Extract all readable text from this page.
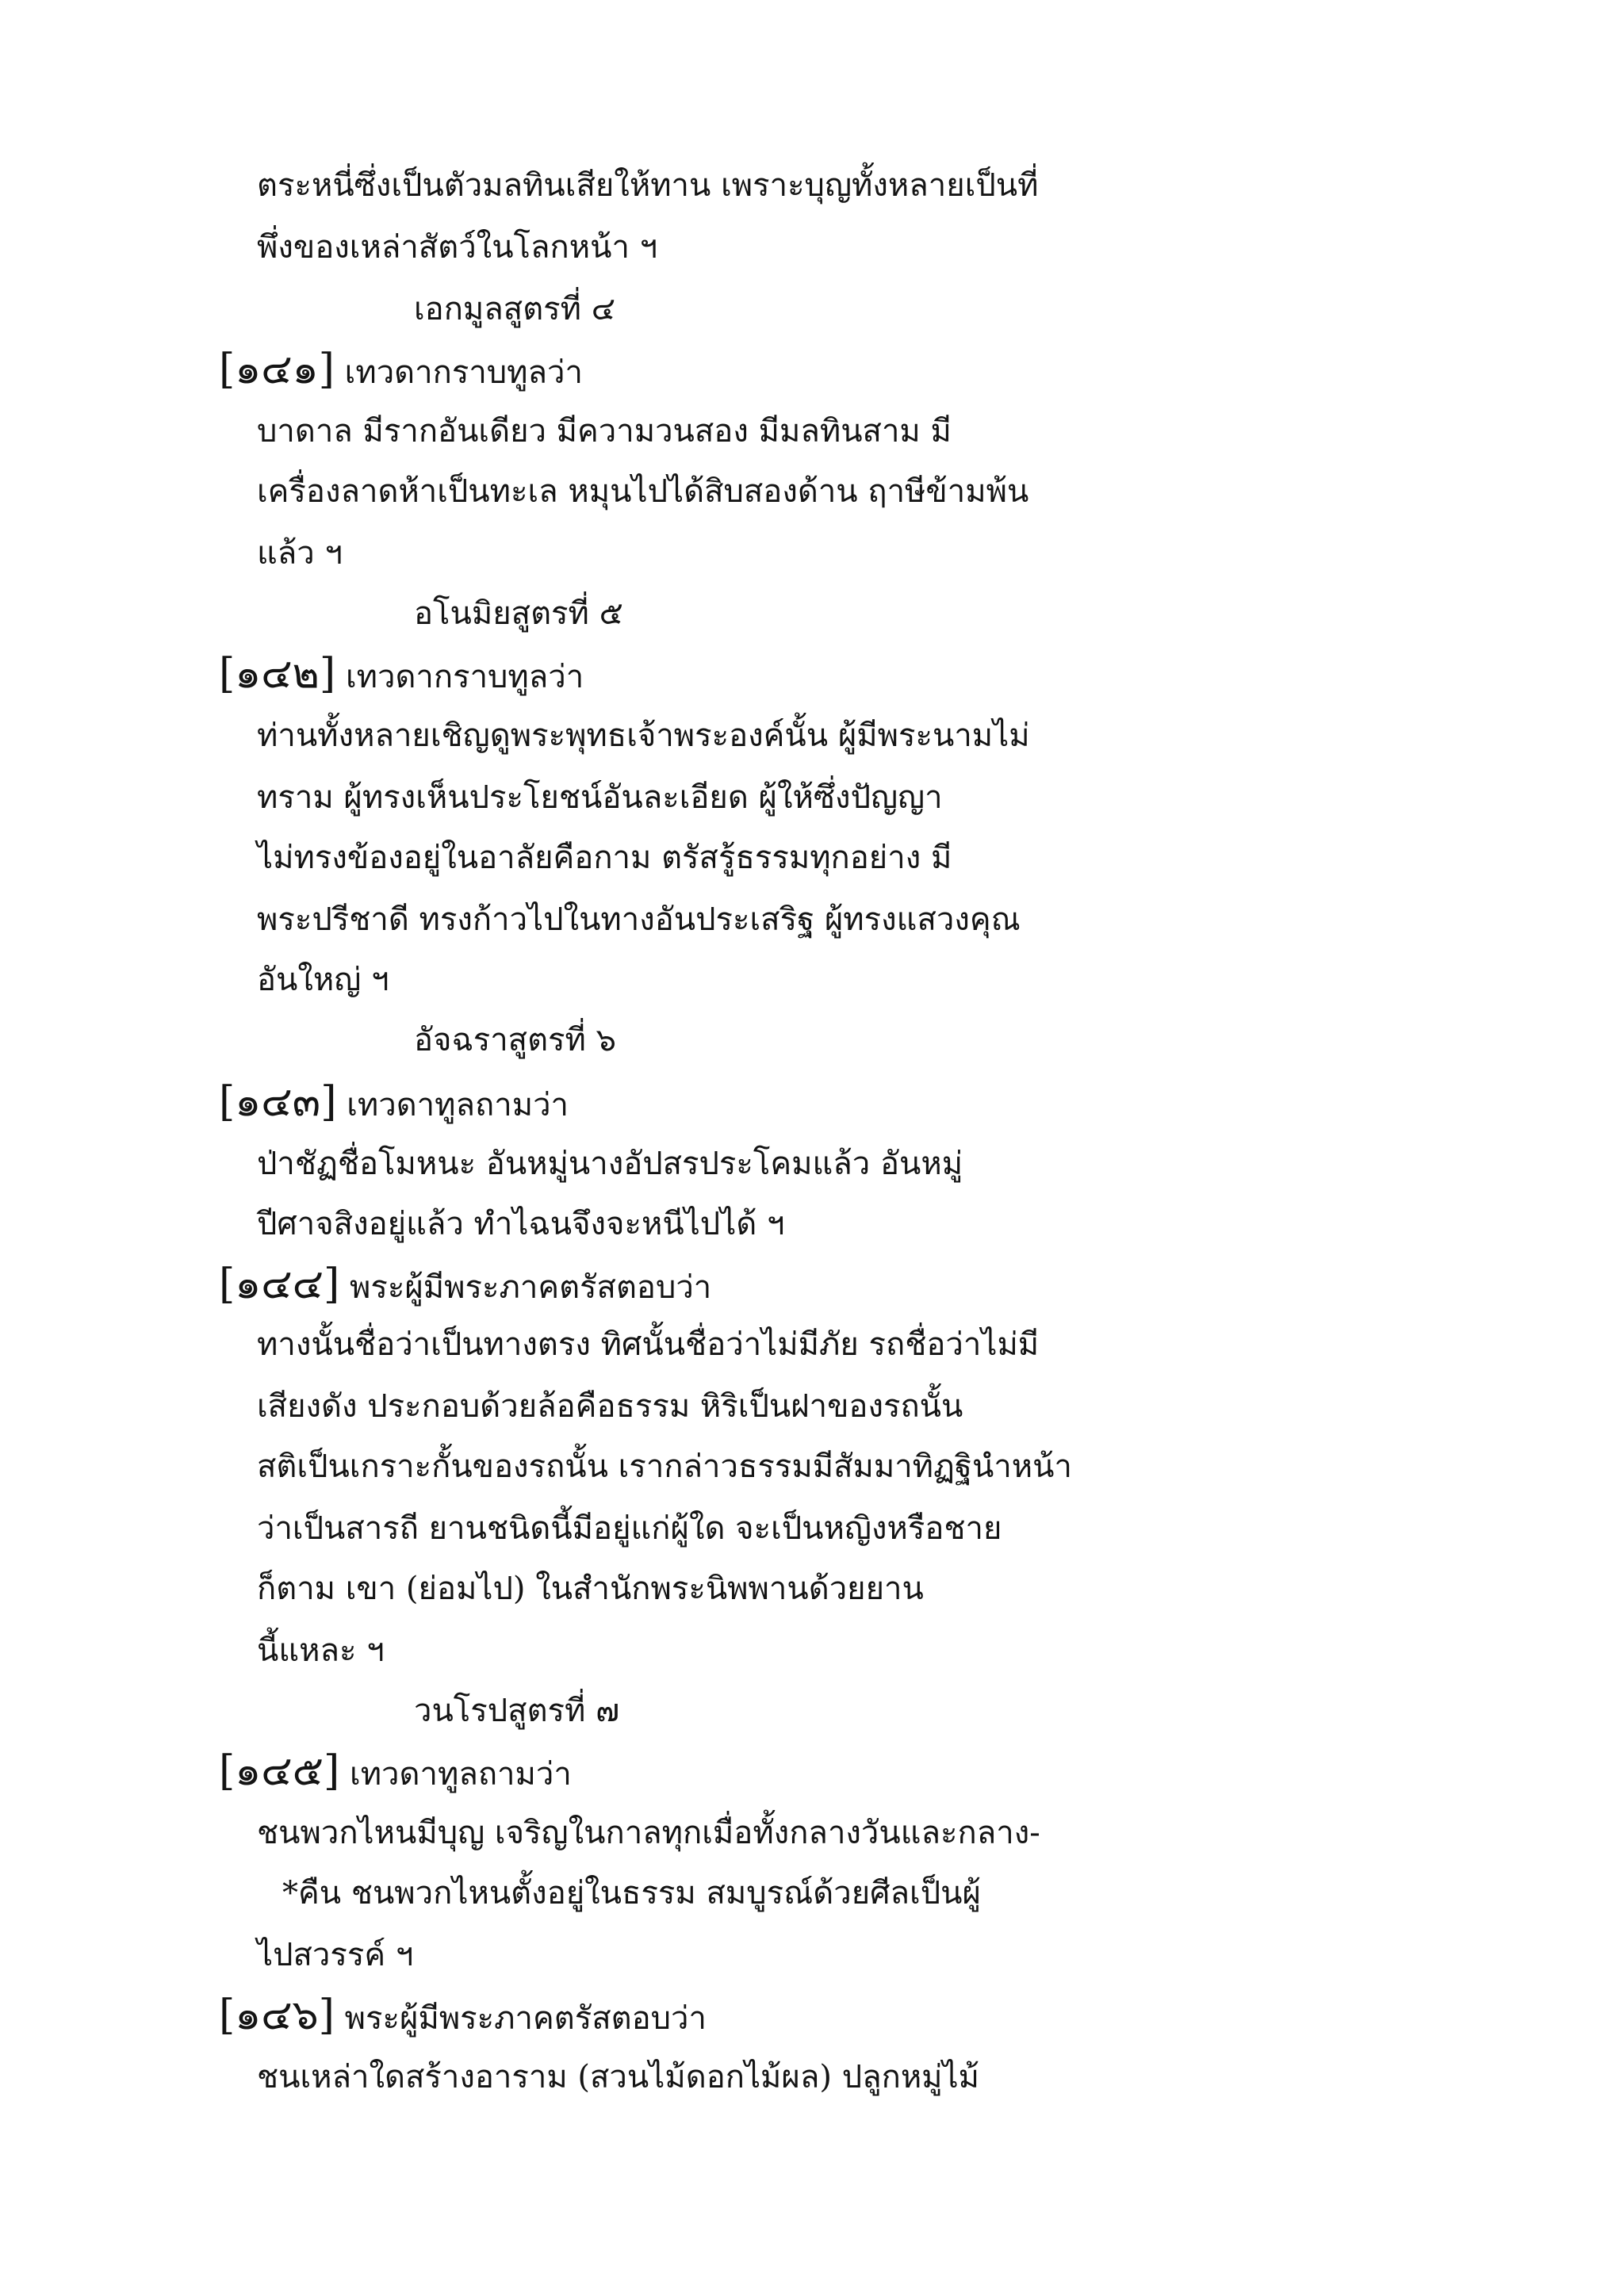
ตระหนี่ซึ่งเป็นตัวมลทินเสียให้ทาน เพราะบุญทั้งหลายเป็นที่
พึ่งของเหล่าสัตว์ในโลกหน้า ฯ
เอกมูลสูตรที่ ๔
[๑๔๑] เทวดากราบทูลว่า
บาดาล มีรากอันเดียว มีความวนสอง มีมลทินสาม มี
เครื่องลาดห้าเป็นทะเล หมุนไปได้สิบสองด้าน ฤาษีข้ามพ้น
แล้ว ฯ
อโนมิยสูตรที่ ๕
[๑๔๒] เทวดากราบทูลว่า
ท่านทั้งหลายเชิญดูพระพุทธเจ้าพระองค์นั้น ผู้มีพระนามไม่
ทราม ผู้ทรงเห็นประโยชน์อันละเอียด ผู้ให้ซึ่งปัญญา
ไม่ทรงข้องอยู่ในอาลัยคือกาม ตรัสรู้ธรรมทุกอย่าง มี
พระปรีชาดี ทรงก้าวไปในทางอันประเสริฐ ผู้ทรงแสวงคุณ
อันใหญ่ ฯ
อัจฉราสูตรที่ ๖
[๑๔๓] เทวดาทูลถามว่า
ป่าชัฏชื่อโมหนะ อันหมู่นางอัปสรประโคมแล้ว อันหมู่
ปีศาจสิงอยู่แล้ว ทำไฉนจึงจะหนีไปได้ ฯ
[๑๔๔] พระผู้มีพระภาคตรัสตอบว่า
ทางนั้นชื่อว่าเป็นทางตรง ทิศนั้นชื่อว่าไม่มีภัย รถชื่อว่าไม่มี
เสียงดัง ประกอบด้วยล้อคือธรรม หิริเป็นฝาของรถนั้น
สติเป็นเกราะกั้นของรถนั้น เรากล่าวธรรมมีสัมมาทิฏฐินำหน้า
ว่าเป็นสารถี ยานชนิดนี้มีอยู่แก่ผู้ใด จะเป็นหญิงหรือชาย
ก็ตาม เขา (ย่อมไป) ในสำนักพระนิพพานด้วยยาน
นี้แหละ ฯ
วนโรปสูตรที่ ๗
[๑๔๕] เทวดาทูลถามว่า
ชนพวกไหนมีบุญ เจริญในกาลทุกเมื่อทั้งกลางวันและกลาง-
*คืน ชนพวกไหนตั้งอยู่ในธรรม สมบูรณ์ด้วยศีลเป็นผู้
ไปสวรรค์ ฯ
[๑๔๖] พระผู้มีพระภาคตรัสตอบว่า
ชนเหล่าใดสร้างอาราม (สวนไม้ดอกไม้ผล) ปลูกหมู่ไม้
